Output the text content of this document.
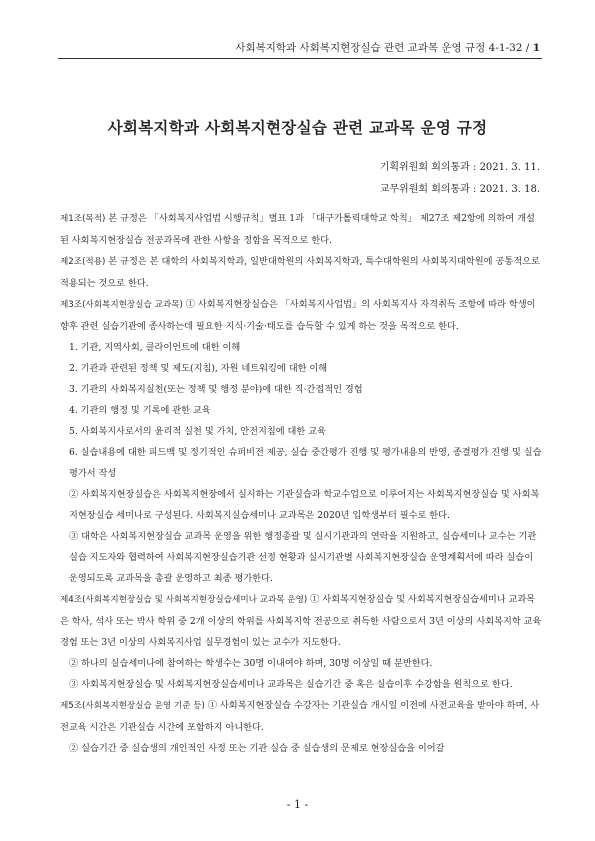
사회복지학과 사회복지현장실습 관련 교과목 운영 규정 4-1-32 / 1
사회복지학과 사회복지현장실습 관련 교과목 운영 규정
기획위원회 회의통과 : 2021. 3. 11.
교무위원회 회의통과 : 2021. 3. 18.

제1조(목적) 본 규정은 「사회복지사업법 시행규칙」별표 1과 「대구가톨릭대학교 학칙」 제27조 제2항에 의하여 개설된 사회복지현장실습 전공과목에 관한 사항을 정함을 목적으로 한다.

제2조(적용) 본 규정은 본 대학의 사회복지학과, 일반대학원의 사회복지학과, 특수대학원의 사회복지대학원에 공통적으로 적용되는 것으로 한다.

제3조(사회복지현장실습 교과목) ① 사회복지현장실습은 「사회복지사업법」의 사회복지사 자격취득 조항에 따라 학생이 향후 관련 실습기관에 종사하는데 필요한 지식·기술·태도를 습득할 수 있게 하는 것을 목적으로 한다.

1. 기관, 지역사회, 클라이언트에 대한 이해

2. 기관과 관련된 정책 및 제도(지침), 자원 네트워킹에 대한 이해

3. 기관의 사회복지실천(또는 정책 및 행정 분야)에 대한 직·간접적인 경험

4. 기관의 행정 및 기록에 관한 교육

5. 사회복지사로서의 윤리적 실천 및 가치, 안전지침에 대한 교육

6. 실습내용에 대한 피드백 및 정기적인 슈퍼비전 제공, 실습 중간평가 진행 및 평가내용의 반영, 종결평가 진행 및 실습평가서 작성

② 사회복지현장실습은 사회복지현장에서 실시하는 기관실습과 학교수업으로 이루어지는 사회복지현장실습 및 사회복지현장실습 세미나로 구성된다. 사회복지실습세미나 교과목은 2020년 입학생부터 필수로 한다.

③ 대학은 사회복지현장실습 교과목 운영을 위한 행정총괄 및 실시기관과의 연락을 지원하고, 실습세미나 교수는 기관실습 지도자와 협력하여 사회복지현장실습기관 선정 현황과 실시기관별 사회복지현장실습 운영계획서에 따라 실습이 운영되도록 교과목을 총괄 운영하고 최종 평가한다.

제4조(사회복지현장실습 및 사회복지현장실습세미나 교과목 운영) ① 사회복지현장실습 및 사회복지현장실습세미나 교과목은 학사, 석사 또는 박사 학위 중 2개 이상의 학위를 사회복지학 전공으로 취득한 사람으로서 3년 이상의 사회복지학 교육경험 또는 3년 이상의 사회복지사업 실무경험이 있는 교수가 지도한다.

② 하나의 실습세미나에 참여하는 학생수는 30명 이내여야 하며, 30명 이상일 때 분반한다.

③ 사회복지현장실습 및 사회복지현장실습세미나 교과목은 실습기간 중 혹은 실습이후 수강함을 원칙으로 한다.

제5조(사회복지현장실습 운영 기준 등) ① 사회복지현장실습 수강자는 기관실습 개시일 이전에 사전교육을 받아야 하며, 사전교육 시간은 기관실습 시간에 포함하지 아니한다.

② 실습기간 중 실습생의 개인적인 사정 또는 기관 실습 중 실습생의 문제로 현장실습을 이어갈

- 1 -
